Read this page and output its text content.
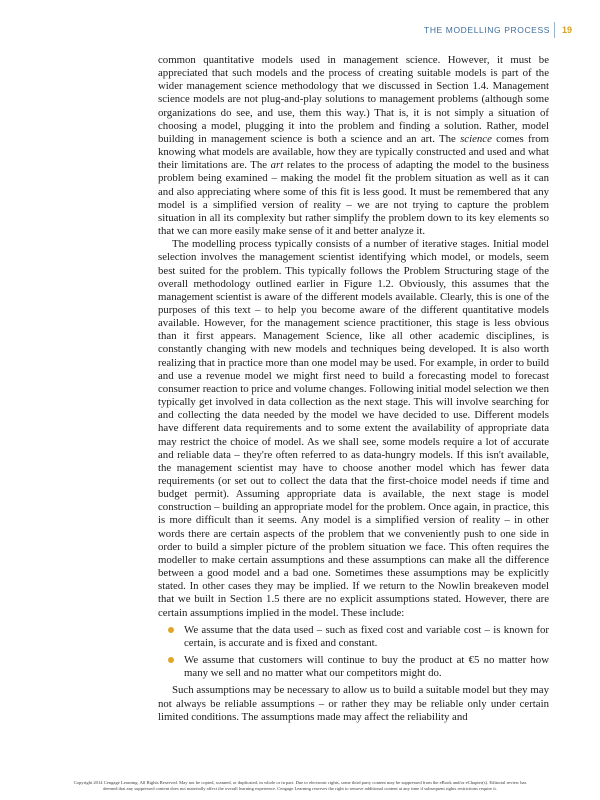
THE MODELLING PROCESS 19

common quantitative models used in management science. However, it must be appreciated that such models and the process of creating suitable models is part of the wider management science methodology that we discussed in Section 1.4. Management science models are not plug-and-play solutions to management problems (although some organizations do see, and use, them this way.) That is, it is not simply a situation of choosing a model, plugging it into the problem and finding a solution. Rather, model building in management science is both a science and an art. The science comes from knowing what models are available, how they are typically constructed and used and what their limitations are. The art relates to the process of adapting the model to the business problem being examined – making the model fit the problem situation as well as it can and also appreciating where some of this fit is less good. It must be remembered that any model is a simplified version of reality – we are not trying to capture the problem situation in all its complexity but rather simplify the problem down to its key elements so that we can more easily make sense of it and better analyze it.

The modelling process typically consists of a number of iterative stages. Initial model selection involves the management scientist identifying which model, or models, seem best suited for the problem. This typically follows the Problem Structuring stage of the overall methodology outlined earlier in Figure 1.2. Obviously, this assumes that the management scientist is aware of the different models available. Clearly, this is one of the purposes of this text – to help you become aware of the different quantitative models available. However, for the management science practitioner, this stage is less obvious than it first appears. Management Science, like all other academic disciplines, is constantly changing with new models and techniques being developed. It is also worth realizing that in practice more than one model may be used. For example, in order to build and use a revenue model we might first need to build a forecasting model to forecast consumer reaction to price and volume changes. Following initial model selection we then typically get involved in data collection as the next stage. This will involve searching for and collecting the data needed by the model we have decided to use. Different models have different data requirements and to some extent the availability of appropriate data may restrict the choice of model. As we shall see, some models require a lot of accurate and reliable data – they're often referred to as data-hungry models. If this isn't available, the management scientist may have to choose another model which has fewer data requirements (or set out to collect the data that the first-choice model needs if time and budget permit). Assuming appropriate data is available, the next stage is model construction – building an appropriate model for the problem. Once again, in practice, this is more difficult than it seems. Any model is a simplified version of reality – in other words there are certain aspects of the problem that we conveniently push to one side in order to build a simpler picture of the problem situation we face. This often requires the modeller to make certain assumptions and these assumptions can make all the difference between a good model and a bad one. Sometimes these assumptions may be explicitly stated. In other cases they may be implied. If we return to the Nowlin breakeven model that we built in Section 1.5 there are no explicit assumptions stated. However, there are certain assumptions implied in the model. These include:

We assume that the data used – such as fixed cost and variable cost – is known for certain, is accurate and is fixed and constant.
We assume that customers will continue to buy the product at €5 no matter how many we sell and no matter what our competitors might do.

Such assumptions may be necessary to allow us to build a suitable model but they may not always be reliable assumptions – or rather they may be reliable only under certain limited conditions. The assumptions made may affect the reliability and

Copyright 2014 Cengage Learning. All Rights Reserved. May not be copied, scanned, or duplicated, in whole or in part. Due to electronic rights, some third party content may be suppressed from the eBook and/or eChapter(s). Editorial review has
deemed that any suppressed content does not materially affect the overall learning experience. Cengage Learning reserves the right to remove additional content at any time if subsequent rights restrictions require it.
